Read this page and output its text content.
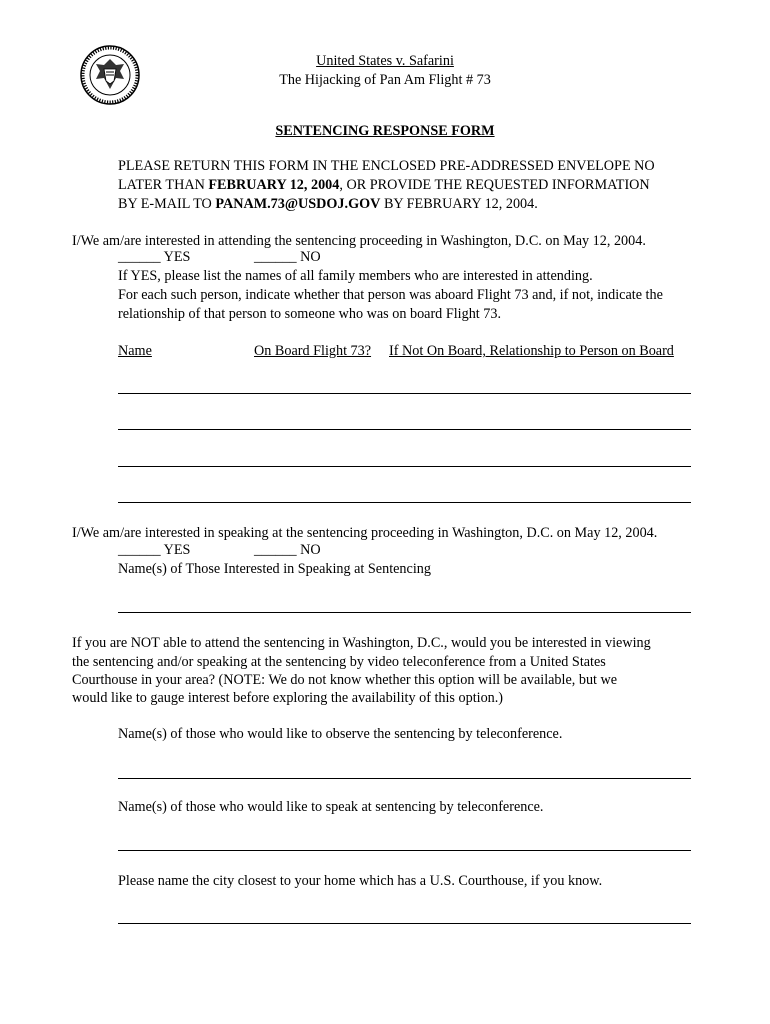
United States v. Safarini
The Hijacking of Pan Am Flight # 73
SENTENCING RESPONSE FORM
PLEASE RETURN THIS FORM IN THE ENCLOSED PRE-ADDRESSED ENVELOPE NO
LATER THAN FEBRUARY 12, 2004, OR PROVIDE THE REQUESTED INFORMATION
BY E-MAIL TO PANAM.73@USDOJ.GOV BY FEBRUARY 12, 2004.
I/We am/are interested in attending the sentencing proceeding in Washington, D.C. on May 12, 2004.
______ YES	______ NO
If YES, please list the names of all family members who are interested in attending.
For each such person, indicate whether that person was aboard Flight 73 and, if not, indicate the
relationship of that person to someone who was on board Flight 73.
Name	On Board Flight 73? If Not On Board, Relationship to Person on Board
I/We am/are interested in speaking at the sentencing proceeding in Washington, D.C. on May 12, 2004.
______ YES	______ NO
Name(s) of Those Interested in Speaking at Sentencing
If you are NOT able to attend the sentencing in Washington, D.C., would you be interested in viewing
the sentencing and/or speaking at the sentencing by video teleconference from a United States
Courthouse in your area? (NOTE: We do not know whether this option will be available, but we
would like to gauge interest before exploring the availability of this option.)
Name(s) of those who would like to observe the sentencing by teleconference.
Name(s) of those who would like to speak at sentencing by teleconference.
Please name the city closest to your home which has a U.S. Courthouse, if you know.
